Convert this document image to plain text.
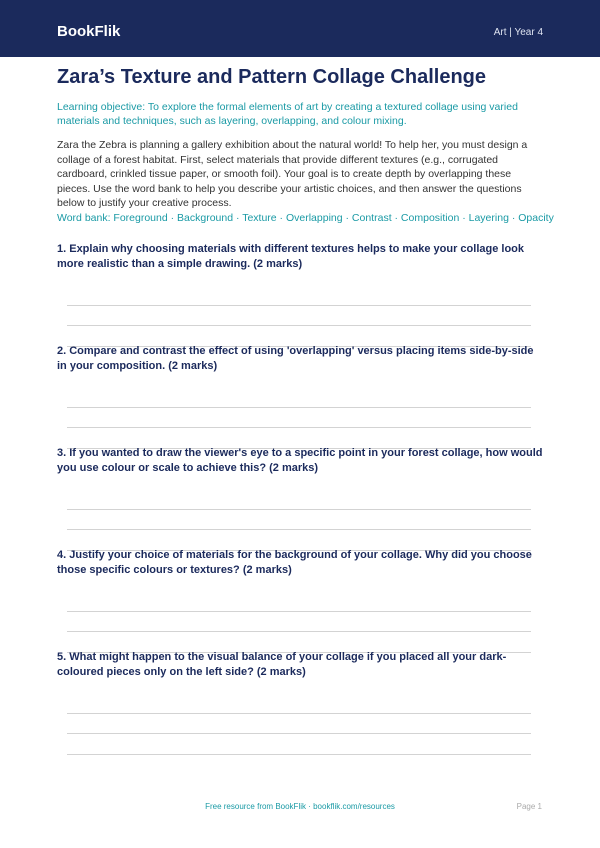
BookFlik	Art | Year 4
Zara’s Texture and Pattern Collage Challenge

Learning objective: To explore the formal elements of art by creating a textured collage using varied materials and techniques, such as layering, overlapping, and colour mixing.

Zara the Zebra is planning a gallery exhibition about the natural world! To help her, you must design a collage of a forest habitat. First, select materials that provide different textures (e.g., corrugated cardboard, crinkled tissue paper, or smooth foil). Your goal is to create depth by overlapping these pieces. Use the word bank to help you describe your artistic choices, and then answer the questions below to justify your creative process.

Word bank: Foreground · Background · Texture · Overlapping · Contrast · Composition · Layering · Opacity

1. Explain why choosing materials with different textures helps to make your collage look more realistic than a simple drawing. (2 marks)

2. Compare and contrast the effect of using 'overlapping' versus placing items side-by-side in your composition. (2 marks)

3. If you wanted to draw the viewer's eye to a specific point in your forest collage, how would you use colour or scale to achieve this? (2 marks)

4. Justify your choice of materials for the background of your collage. Why did you choose those specific colours or textures? (2 marks)

5. What might happen to the visual balance of your collage if you placed all your dark-coloured pieces only on the left side? (2 marks)

Free resource from BookFlik · bookflik.com/resources	Page 1
